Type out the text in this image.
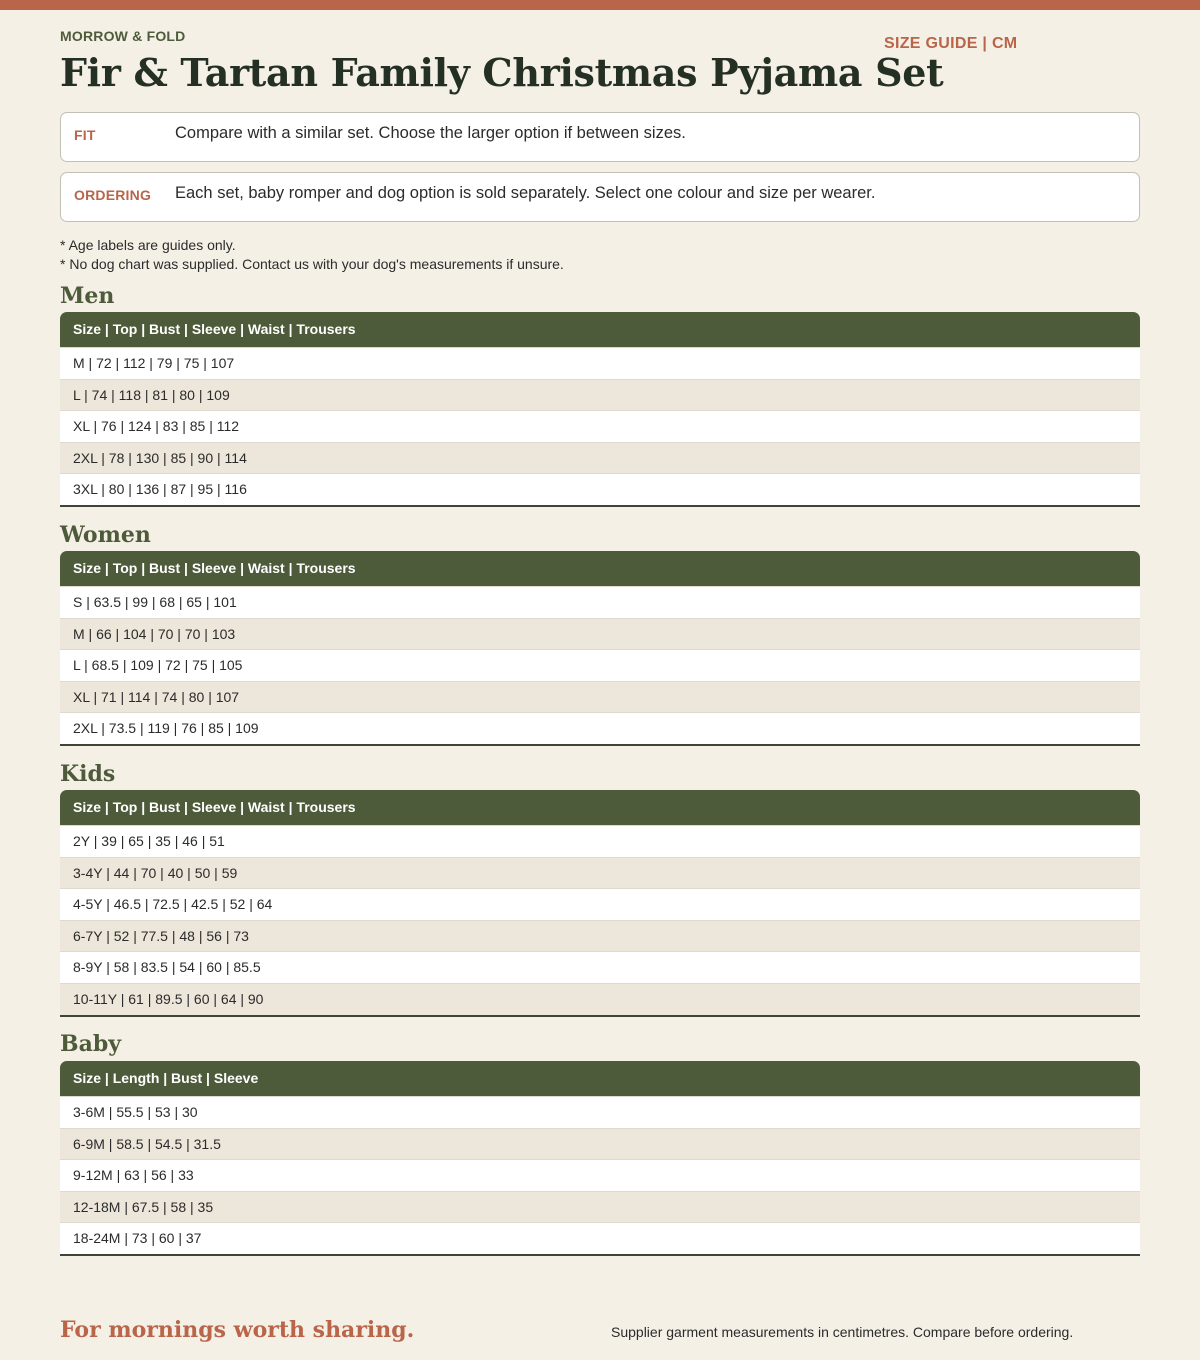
MORROW & FOLD	SIZE GUIDE | CM
Fir & Tartan Family Christmas Pyjama Set
FIT	Compare with a similar set. Choose the larger option if between sizes.
ORDERING Each set, baby romper and dog option is sold separately. Select one colour and size per wearer.
* Age labels are guides only.
* No dog chart was supplied. Contact us with your dog's measurements if unsure.
Men
Size | Top | Bust | Sleeve | Waist | Trousers
M | 72 | 112 | 79 | 75 | 107
L | 74 | 118 | 81 | 80 | 109
XL | 76 | 124 | 83 | 85 | 112
2XL | 78 | 130 | 85 | 90 | 114
3XL | 80 | 136 | 87 | 95 | 116
Women
Size | Top | Bust | Sleeve | Waist | Trousers
S | 63.5 | 99 | 68 | 65 | 101
M | 66 | 104 | 70 | 70 | 103
L | 68.5 | 109 | 72 | 75 | 105
XL | 71 | 114 | 74 | 80 | 107
2XL | 73.5 | 119 | 76 | 85 | 109
Kids
Size | Top | Bust | Sleeve | Waist | Trousers
2Y | 39 | 65 | 35 | 46 | 51
3-4Y | 44 | 70 | 40 | 50 | 59
4-5Y | 46.5 | 72.5 | 42.5 | 52 | 64
6-7Y | 52 | 77.5 | 48 | 56 | 73
8-9Y | 58 | 83.5 | 54 | 60 | 85.5
10-11Y | 61 | 89.5 | 60 | 64 | 90
Baby
Size | Length | Bust | Sleeve
3-6M | 55.5 | 53 | 30
6-9M | 58.5 | 54.5 | 31.5
9-12M | 63 | 56 | 33
12-18M | 67.5 | 58 | 35
18-24M | 73 | 60 | 37
For mornings worth sharing.	Supplier garment measurements in centimetres. Compare before ordering.
